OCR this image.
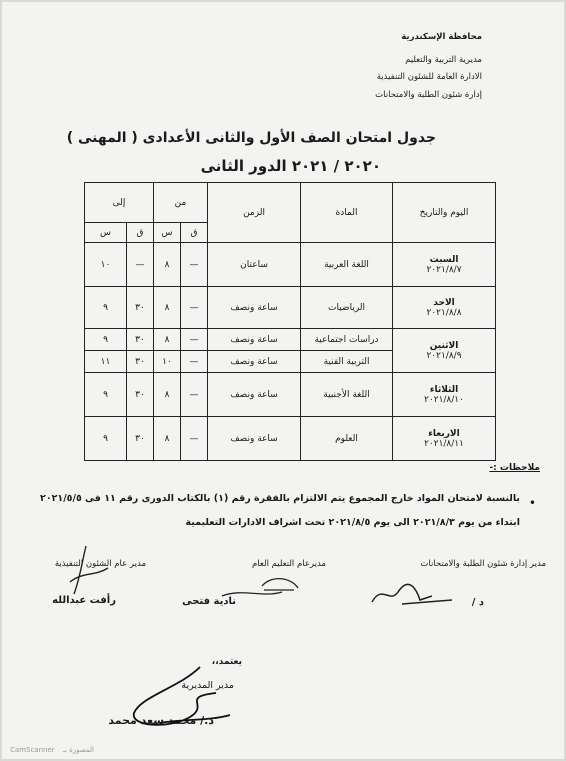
محافظة الإسكندرية
مديرية التربية والتعليم
الادارة العامة للشئون التنفيذية
إدارة شئون الطلبة والامتحانات
جدول امتحان الصف الأول والثانى الأعدادى ( المهنى )
٢٠٢٠ / ٢٠٢١ الدور الثانى
اليوم والتاريخ	المادة	الزمن	من		إلى	
			ق	س	ق	س

السبت
٢٠٢١/٨/٧	اللغة العربية	ساعتان	—	٨	—	١٠

الاحد
٢٠٢١/٨/٨	الرياضيات	ساعة ونصف	—	٨	٣٠	٩

الاثنين
٢٠٢١/٨/٩	دراسات اجتماعية	ساعة ونصف	—	٨	٣٠	٩
	التربية الفنية	ساعة ونصف	—	١٠	٣٠	١١

الثلاثاء
٢٠٢١/٨/١٠	اللغة الأجنبية	ساعة ونصف	—	٨	٣٠	٩

الاربعاء
٢٠٢١/٨/١١	العلوم	ساعة ونصف	—	٨	٣٠	٩
ملاحظات :-
•
بالنسبة لامتحان المواد خارج المجموع يتم الالتزام بالفقرة رقم (١) بالكتاب الدورى رقم ١١ فى ٢٠٢١/٥/٥
ابتداء من يوم ٢٠٢١/٨/٣ الى يوم ٢٠٢١/٨/٥ تحت اشراف الادارات التعليمية
مدير إدارة شئون الطلبة والامتحانات
د /
مديرعام التعليم العام
نادية فتحى
مدير عام الشئون التنفيذية
رأفت عبدالله
يعتمد،،
مدير المديرية
د./ محمد سعد محمد
CamScanner المصورة بـ
